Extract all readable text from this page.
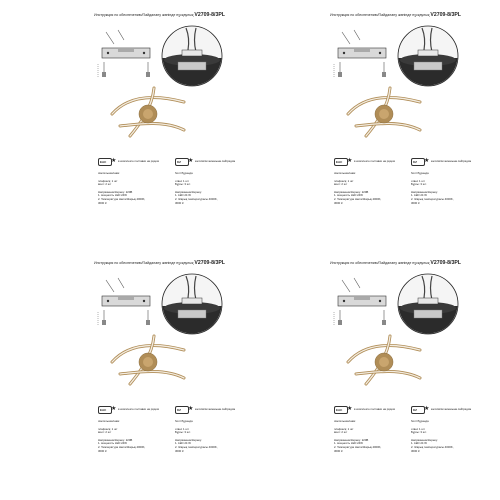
Инструкция по обеспечению/Пайдалану жөнінде нұсқаулық V2709-8/3PL
EAC ★ в комплекте поставки на рядом	KZ	★ жеткізілім жинағына сай/рядом
светильник/шам:
плафон/қ: 1 шт
винт: 2 шт
Напряжение/Кернеу: 220В
1. мощность LED 24W
2. Температура света/Жарық 4000K,
3000 К
болт/бұранда
отвес 1 шт
Бұрғы: 3 шт.
Напряжение/Кернеу:
1. LED 24 W
2. Жарық температурасы 4000K,
3000 К
Инструкция по обеспечению/Пайдалану жөнінде нұсқаулық V2709-8/3PL
EAC ★ в комплекте поставки на рядом	KZ	★ жеткізілім жинағына сай/рядом
светильник/шам:
плафон/қ: 1 шт
винт: 2 шт
Напряжение/Кернеу: 220В
1. мощность LED 24W
2. Температура света/Жарық 4000K,
3000 К
болт/бұранда
отвес 1 шт
Бұрғы: 3 шт.
Напряжение/Кернеу:
1. LED 24 W
2. Жарық температурасы 4000K,
3000 К
Инструкция по обеспечению/Пайдалану жөнінде нұсқаулық V2709-8/3PL
EAC ★ в комплекте поставки на рядом	KZ	★ жеткізілім жинағына сай/рядом
светильник/шам:
плафон/қ: 1 шт
винт: 2 шт
Напряжение/Кернеу: 220В
1. мощность LED 24W
2. Температура света/Жарық 4000K,
3000 К
болт/бұранда
отвес 1 шт
Бұрғы: 3 шт.
Напряжение/Кернеу:
1. LED 24 W
2. Жарық температурасы 4000K,
3000 К
Инструкция по обеспечению/Пайдалану жөнінде нұсқаулық V2709-8/3PL
EAC ★ в комплекте поставки на рядом	KZ	★ жеткізілім жинағына сай/рядом
светильник/шам:
плафон/қ: 1 шт
винт: 2 шт
Напряжение/Кернеу: 220В
1. мощность LED 24W
2. Температура света/Жарық 4000K,
3000 К
болт/бұранда
отвес 1 шт
Бұрғы: 3 шт.
Напряжение/Кернеу:
1. LED 24 W
2. Жарық температурасы 4000K,
3000 К
